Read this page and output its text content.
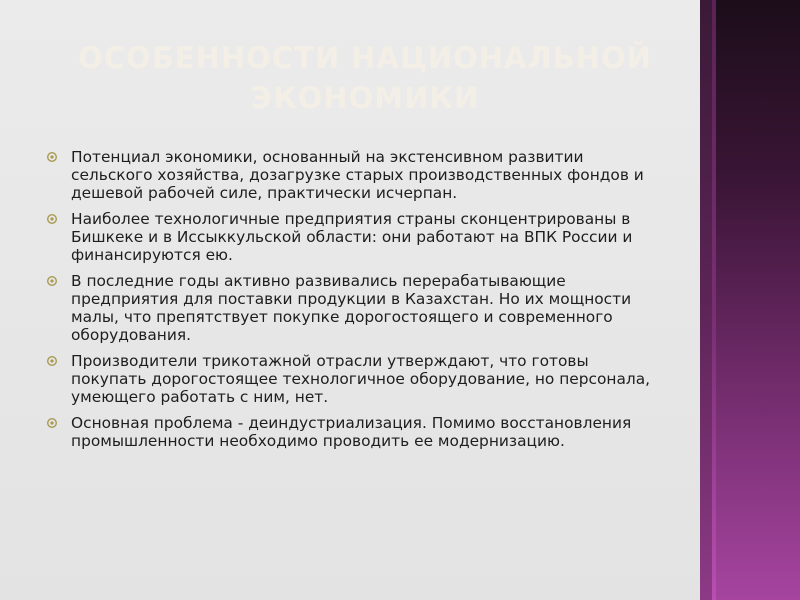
ОСОБЕННОСТИ НАЦИОНАЛЬНОЙ
ЭКОНОМИКИ
Потенциал экономики, основанный на экстенсивном развитии сельского хозяйства, дозагрузке старых производственных фондов и дешевой рабочей силе, практически исчерпан.
Наиболее технологичные предприятия страны сконцентрированы в Бишкеке и в Иссыккульской области: они работают на ВПК России и финансируются ею.
В последние годы активно развивались перерабатывающие предприятия для поставки продукции в Казахстан. Но их мощности малы, что препятствует покупке дорогостоящего и современного оборудования.
Производители трикотажной отрасли утверждают, что готовы покупать дорогостоящее технологичное оборудование, но персонала, умеющего работать с ним, нет.
Основная проблема - деиндустриализация. Помимо восстановления промышленности необходимо проводить ее модернизацию.
